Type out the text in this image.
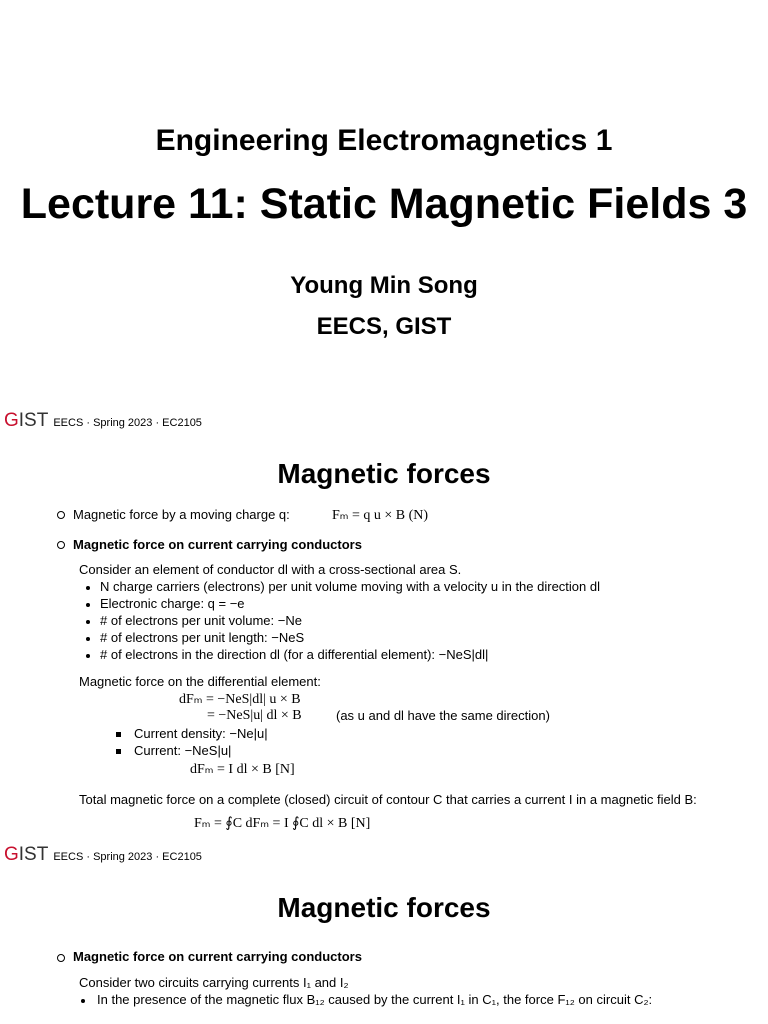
Engineering Electromagnetics 1
Lecture 11: Static Magnetic Fields 3
Young Min Song
EECS, GIST
G IST EECS · Spring 2023 · EC2105
Magnetic forces
Magnetic force by a moving charge q:	Fₘ = q u × B (N)
Magnetic force on current carrying conductors
Consider an element of conductor dl with a cross-sectional area S.
N charge carriers (electrons) per unit volume moving with a velocity u in the direction dl
Electronic charge: q = −e
# of electrons per unit volume: −Ne
# of electrons per unit length: −NeS
# of electrons in the direction dl (for a differential element): −NeS|dl|
Magnetic force on the differential element:
dFₘ = −NeS|dl| u × B
= −NeS|u| dl × B	(as u and dl have the same direction)
Current density: −Ne|u|
Current: −NeS|u|
dFₘ = I dl × B [N]
Total magnetic force on a complete (closed) circuit of contour C that carries a current I in a magnetic field B:
Fₘ = ∮C dFₘ = I ∮C dl × B [N]
G IST EECS · Spring 2023 · EC2105
Magnetic forces
Magnetic force on current carrying conductors
Consider two circuits carrying currents I₁ and I₂
In the presence of the magnetic flux B₁₂ caused by the current I₁ in C₁, the force F₁₂ on circuit C₂:
